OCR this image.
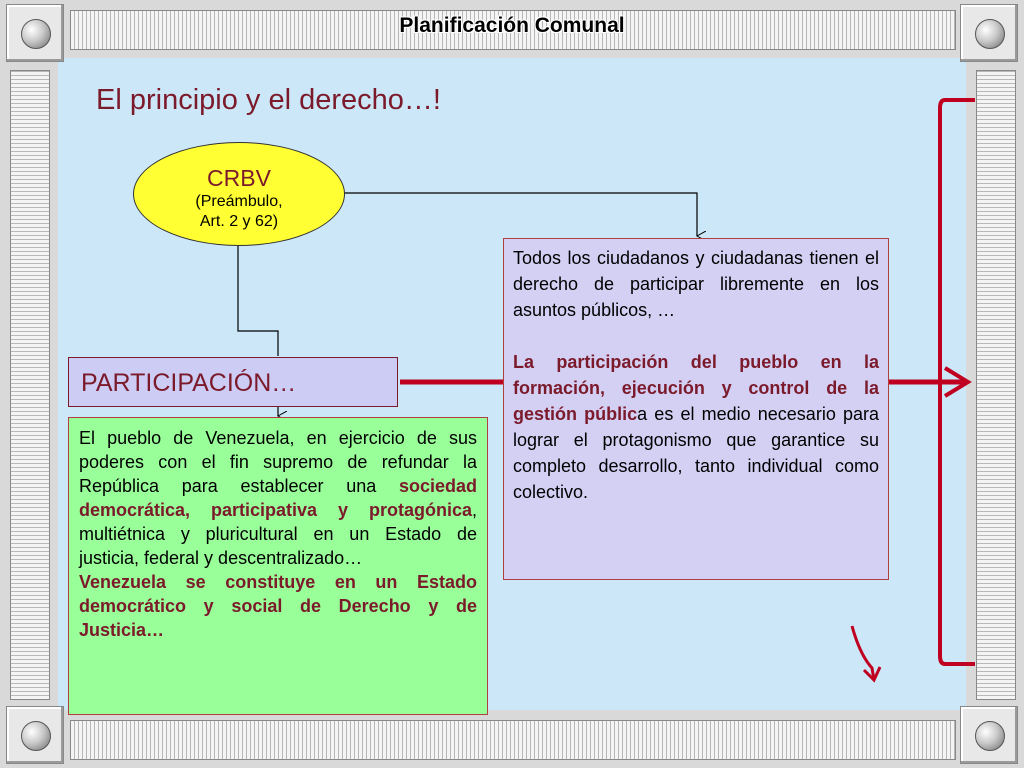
Planificación Comunal
El principio y el derecho…!
CRBV
(Preámbulo,
Art. 2 y 62)
PARTICIPACIÓN…

Todos los ciudadanos y ciudadanas tienen el derecho de participar libremente en los asuntos públicos, …

La participación del pueblo en la formación, ejecución y control de la gestión pública es el medio necesario para lograr el protagonismo que garantice su completo desarrollo, tanto individual como colectivo.

El pueblo de Venezuela, en ejercicio de sus poderes con el fin supremo de refundar la República para establecer una sociedad democrática, participativa y protagónica, multiétnica y pluricultural en un Estado de justicia, federal y descentralizado…

Venezuela se constituye en un Estado democrático y social de Derecho y de Justicia…
